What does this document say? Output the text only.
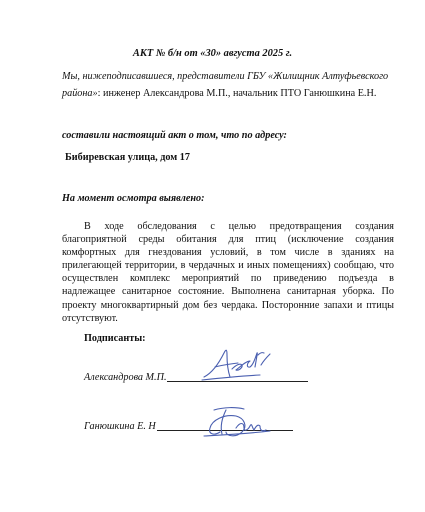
АКТ № б/н от «30» августа 2025 г.
Мы, нижеподписавшиеся, представители ГБУ «Жилищник Алтуфьевского
района»: инженер Александрова М.П., начальник ПТО Ганюшкина Е.Н.
составили настоящий акт о том, что по адресу:
Бибиревская улица, дом 17
На момент осмотра выявлено:
В ходе обследования с целью предотвращения создания благоприятной среды обитания для птиц (исключение создания комфортных для гнездования условий, в том числе в зданиях на прилегающей территории, в чердачных и иных помещениях) сообщаю, что осуществлен комплекс мероприятий по приведению подъезда в надлежащее санитарное состояние. Выполнена санитарная уборка. По проекту многоквартирный дом без чердака. Посторонние запахи и птицы отсутствуют.
Подписанты:
Александрова М.П.
Ганюшкина Е. Н
